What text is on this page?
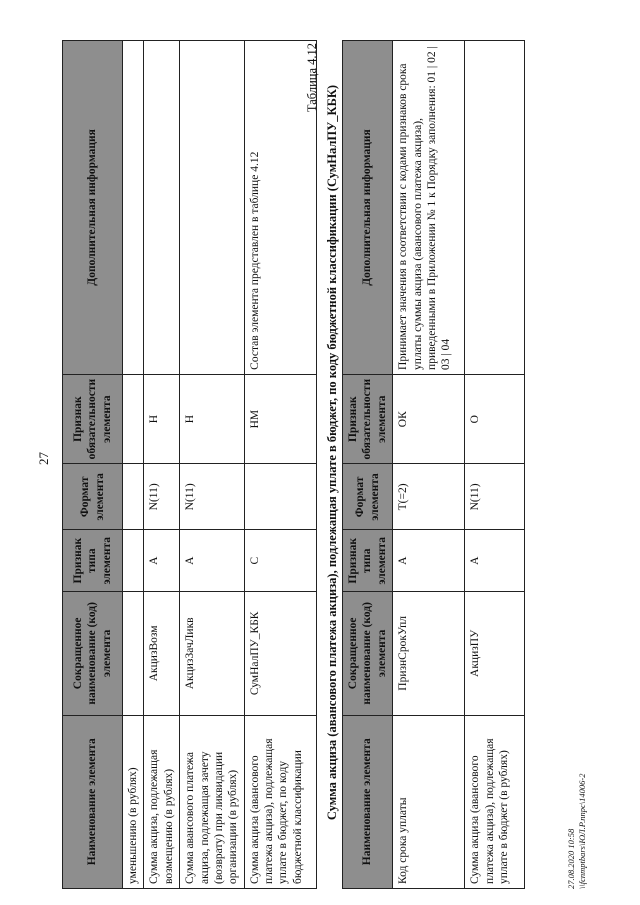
27
Наименование элемента	Сокращенное наименование (код) элемента	Признак типа элемента	Формат элемента	Признак обязательности элемента	Дополнительная информация
уменьшению (в рублях)					
Сумма акциза, подлежащая возмещению (в рублях)	АкцизВозм	А	N(11)	Н	
Сумма авансового платежа акциза, подлежащая зачету (возврату) при ликвидации организации (в рублях)	АкцизЗачЛикв	А	N(11)	Н	
Сумма акциза (авансового платежа акциза), подлежащая уплате в бюджет, по коду бюджетной классификации	СумНалПУ_КБК	С		НМ	Состав элемента представлен в таблице 4.12
Таблица 4.12
Сумма акциза (авансового платежа акциза), подлежащая уплате в бюджет, по коду бюджетной классификации (СумНалПУ_КБК) Наименование элемента	Сокращенное наименование (код) элемента	Признак типа элемента	Формат элемента	Признак обязательности элемента	Дополнительная информация
Код срока уплаты	ПризнСрокУпл	А	T(=2)	ОК	Принимает значения в соответствии с кодами признаков срока уплаты суммы акциза (авансового платежа акциза), приведенными в Приложении № 1 к Порядку заполнения: 01 | 02 | 03 | 04
Сумма акциза (авансового платежа акциза), подлежащая уплате в бюджет (в рублях)	АкцизПУ	А	N(11)	О	
27.08.2020 10:58 \\fcnmptbars\ЮЛ.Р.ппрс\14006-2
